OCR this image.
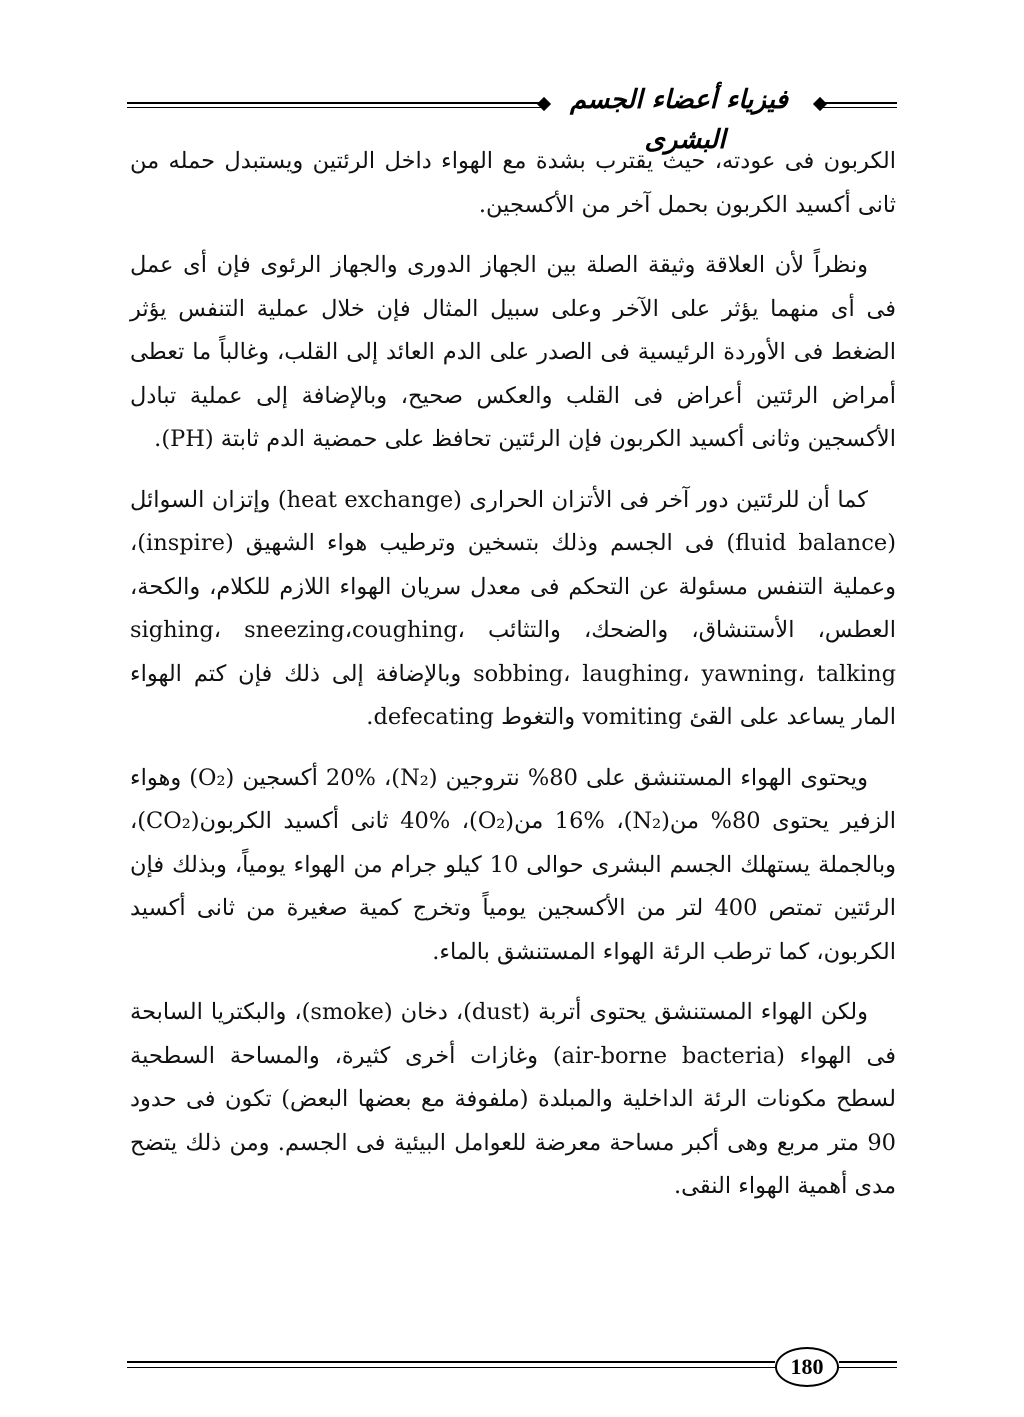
فيزياء أعضاء الجسم البشرى

الكربون فى عودته، حيث يقترب بشدة مع الهواء داخل الرئتين ويستبدل حمله من ثانى أكسيد الكربون بحمل آخر من الأكسجين.

ونظراً لأن العلاقة وثيقة الصلة بين الجهاز الدورى والجهاز الرئوى فإن أى عمل فى أى منهما يؤثر على الآخر وعلى سبيل المثال فإن خلال عملية التنفس يؤثر الضغط فى الأوردة الرئيسية فى الصدر على الدم العائد إلى القلب، وغالباً ما تعطى أمراض الرئتين أعراض فى القلب والعكس صحيح، وبالإضافة إلى عملية تبادل الأكسجين وثانى أكسيد الكربون فإن الرئتين تحافظ على حمضية الدم ثابتة (PH).

كما أن للرئتين دور آخر فى الأتزان الحرارى (heat exchange) وإتزان السوائل (fluid balance) فى الجسم وذلك بتسخين وترطيب هواء الشهيق (inspire)، وعملية التنفس مسئولة عن التحكم فى معدل سريان الهواء اللازم للكلام، والكحة، العطس، الأستنشاق، والضحك، والتثائب sighing، sneezing،coughing، sobbing، laughing، yawning، talking وبالإضافة إلى ذلك فإن كتم الهواء المار يساعد على القئ vomiting والتغوط defecating.

ويحتوى الهواء المستنشق على 80% نتروجين (N₂)، 20% أكسجين (O₂) وهواء الزفير يحتوى 80% من(N₂)، 16% من(O₂)، 40% ثانى أكسيد الكربون(CO₂)، وبالجملة يستهلك الجسم البشرى حوالى 10 كيلو جرام من الهواء يومياً، وبذلك فإن الرئتين تمتص 400 لتر من الأكسجين يومياً وتخرج كمية صغيرة من ثانى أكسيد الكربون، كما ترطب الرئة الهواء المستنشق بالماء.

ولكن الهواء المستنشق يحتوى أتربة (dust)، دخان (smoke)، والبكتريا السابحة فى الهواء (air-borne bacteria) وغازات أخرى كثيرة، والمساحة السطحية لسطح مكونات الرئة الداخلية والمبلدة (ملفوفة مع بعضها البعض) تكون فى حدود 90 متر مربع وهى أكبر مساحة معرضة للعوامل البيئية فى الجسم. ومن ذلك يتضح مدى أهمية الهواء النقى.

180
